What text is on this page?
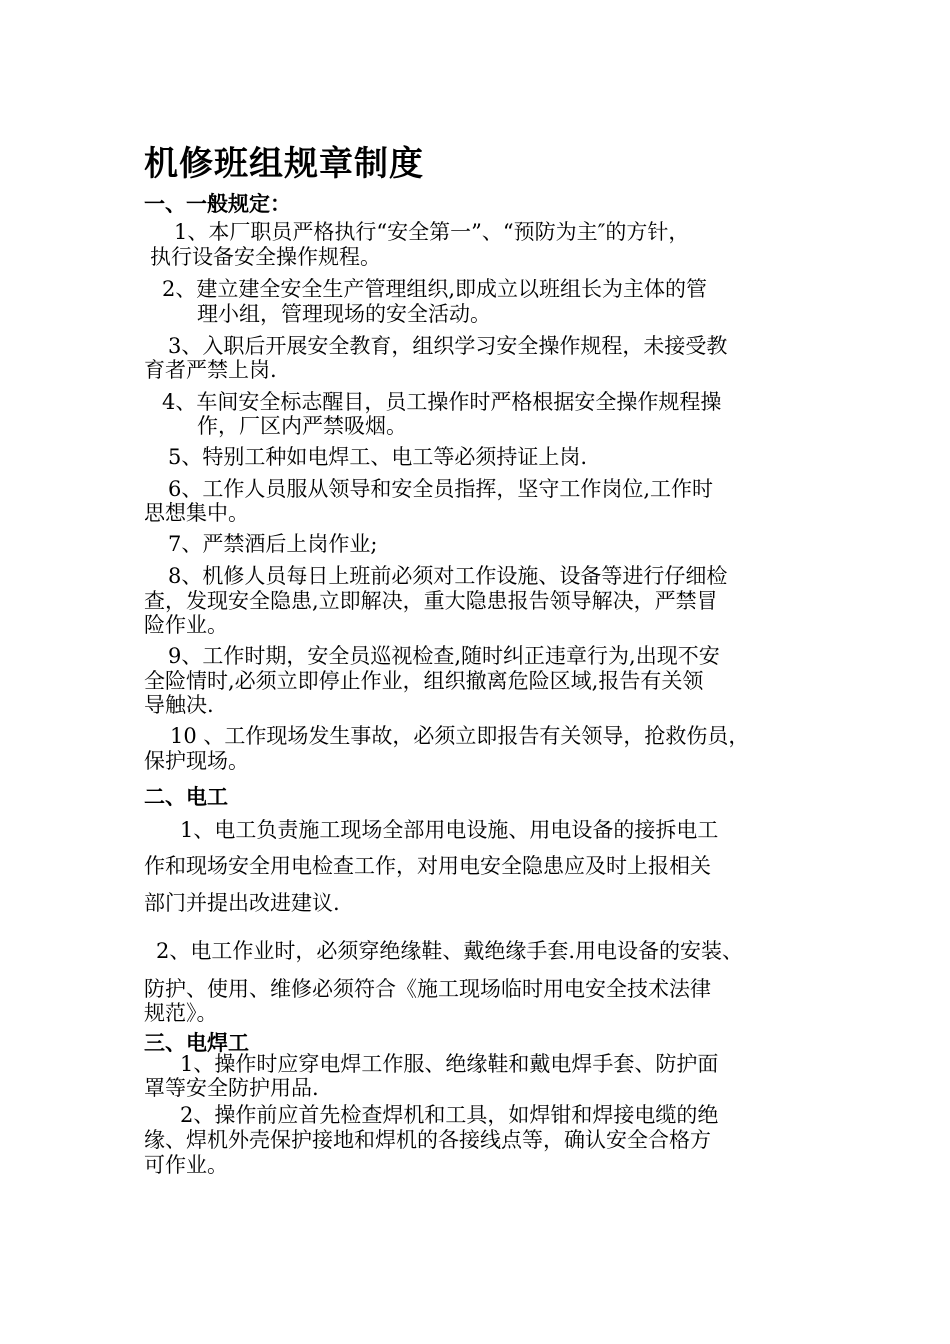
机修班组规章制度
一、一般规定：
1、本厂职员严格执行“安全第一”、“预防为主″的方针，
执行设备安全操作规程。
2、建立建全安全生产管理组织,即成立以班组长为主体的管
理小组，管理现场的安全活动。
3、入职后开展安全教育，组织学习安全操作规程，未接受教
育者严禁上岗.
4、车间安全标志醒目，员工操作时严格根据安全操作规程操
作，厂区内严禁吸烟。
5、特别工种如电焊工、电工等必须持证上岗.
6、工作人员服从领导和安全员指挥，坚守工作岗位,工作时
思想集中。
7、严禁酒后上岗作业;
8、机修人员每日上班前必须对工作设施、设备等进行仔细检
查，发现安全隐患,立即解决，重大隐患报告领导解决，严禁冒
险作业。
9、工作时期，安全员巡视检查,随时纠正违章行为,出现不安
全险情时,必须立即停止作业，组织撤离危险区域,报告有关领
导触决.
10 、工作现场发生事故，必须立即报告有关领导，抢救伤员，
保护现场。
二、电工
1、电工负责施工现场全部用电设施、用电设备的接拆电工
作和现场安全用电检查工作，对用电安全隐患应及时上报相关
部门并提出改进建议.
2、电工作业时，必须穿绝缘鞋、戴绝缘手套.用电设备的安装、
防护、使用、维修必须符合《施工现场临时用电安全技术法律
规范》。
三、电焊工
1、操作时应穿电焊工作服、绝缘鞋和戴电焊手套、防护面
罩等安全防护用品.
2、操作前应首先检查焊机和工具，如焊钳和焊接电缆的绝
缘、焊机外壳保护接地和焊机的各接线点等，确认安全合格方
可作业。
